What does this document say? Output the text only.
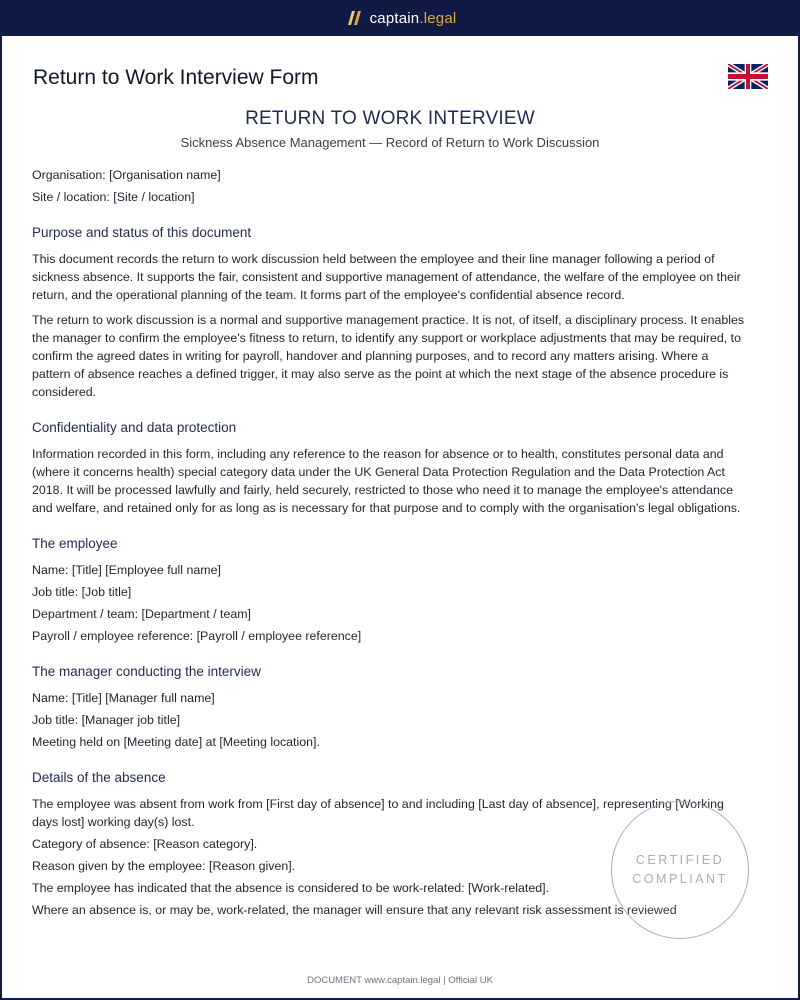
captain.legal
Return to Work Interview Form
RETURN TO WORK INTERVIEW

Sickness Absence Management — Record of Return to Work Discussion

Organisation: [Organisation name]

Site / location: [Site / location]

Purpose and status of this document

This document records the return to work discussion held between the employee and their line manager following a period of sickness absence. It supports the fair, consistent and supportive management of attendance, the welfare of the employee on their return, and the operational planning of the team. It forms part of the employee's confidential absence record.

The return to work discussion is a normal and supportive management practice. It is not, of itself, a disciplinary process. It enables the manager to confirm the employee's fitness to return, to identify any support or workplace adjustments that may be required, to confirm the agreed dates in writing for payroll, handover and planning purposes, and to record any matters arising. Where a pattern of absence reaches a defined trigger, it may also serve as the point at which the next stage of the absence procedure is considered.

Confidentiality and data protection

Information recorded in this form, including any reference to the reason for absence or to health, constitutes personal data and (where it concerns health) special category data under the UK General Data Protection Regulation and the Data Protection Act 2018. It will be processed lawfully and fairly, held securely, restricted to those who need it to manage the employee's attendance and welfare, and retained only for as long as is necessary for that purpose and to comply with the organisation's legal obligations.

The employee

Name: [Title] [Employee full name]

Job title: [Job title]

Department / team: [Department / team]

Payroll / employee reference: [Payroll / employee reference]

The manager conducting the interview

Name: [Title] [Manager full name]

Job title: [Manager job title]

Meeting held on [Meeting date] at [Meeting location].

Details of the absence

The employee was absent from work from [First day of absence] to and including [Last day of absence], representing [Working days lost] working day(s) lost.

Category of absence: [Reason category].

Reason given by the employee: [Reason given].

The employee has indicated that the absence is considered to be work-related: [Work-related].

Where an absence is, or may be, work-related, the manager will ensure that any relevant risk assessment is reviewed

CERTIFIED
COMPLIANT
DOCUMENT www.captain.legal | Official UK
